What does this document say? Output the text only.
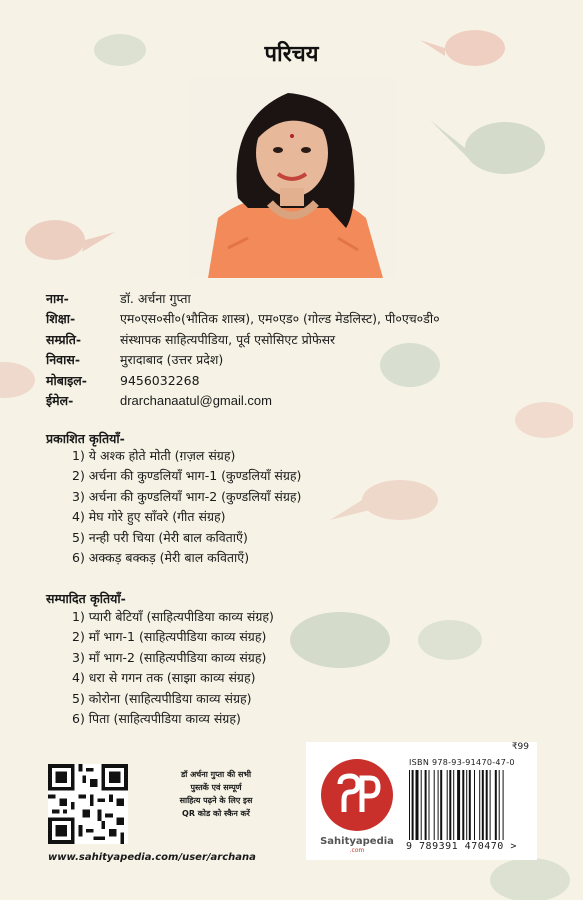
परिचय
नाम-	डॉ. अर्चना गुप्ता
शिक्षा-	एम०एस०सी०(भौतिक शास्त्र), एम०एड० (गोल्ड मेडलिस्ट), पी०एच०डी०
सम्प्रति-	संस्थापक साहित्यपीडिया, पूर्व एसोसिएट प्रोफेसर
निवास-	मुरादाबाद (उत्तर प्रदेश)
मोबाइल-	9456032268
ईमेल-	drarchanaatul@gmail.com
प्रकाशित कृतियाँ-
1) ये अश्क होते मोती (ग़ज़ल संग्रह)
2) अर्चना की कुण्डलियाँ भाग-1 (कुण्डलियाँ संग्रह)
3) अर्चना की कुण्डलियाँ भाग-2 (कुण्डलियाँ संग्रह)
4) मेघ गोरे हुए साँवरे (गीत संग्रह)
5) नन्ही परी चिया (मेरी बाल कविताएँ)
6) अक्कड़ बक्कड़ (मेरी बाल कविताएँ)
सम्पादित कृतियाँ-
1) प्यारी बेटियाँ (साहित्यपीडिया काव्य संग्रह)
2) माँ भाग-1 (साहित्यपीडिया काव्य संग्रह)
3) माँ भाग-2 (साहित्यपीडिया काव्य संग्रह)
4) धरा से गगन तक (साझा काव्य संग्रह)
5) कोरोना (साहित्यपीडिया काव्य संग्रह)
6) पिता (साहित्यपीडिया काव्य संग्रह)
डॉ अर्चना गुप्ता की सभी
पुस्तकें एवं सम्पूर्ण
साहित्य पढ़ने के लिए इस
QR कोड को स्कैन करें
www.sahityapedia.com/user/archana
₹99
ISBN 978-93-91470-47-0
Sahityapedia
.com	9 789391 470470 >
